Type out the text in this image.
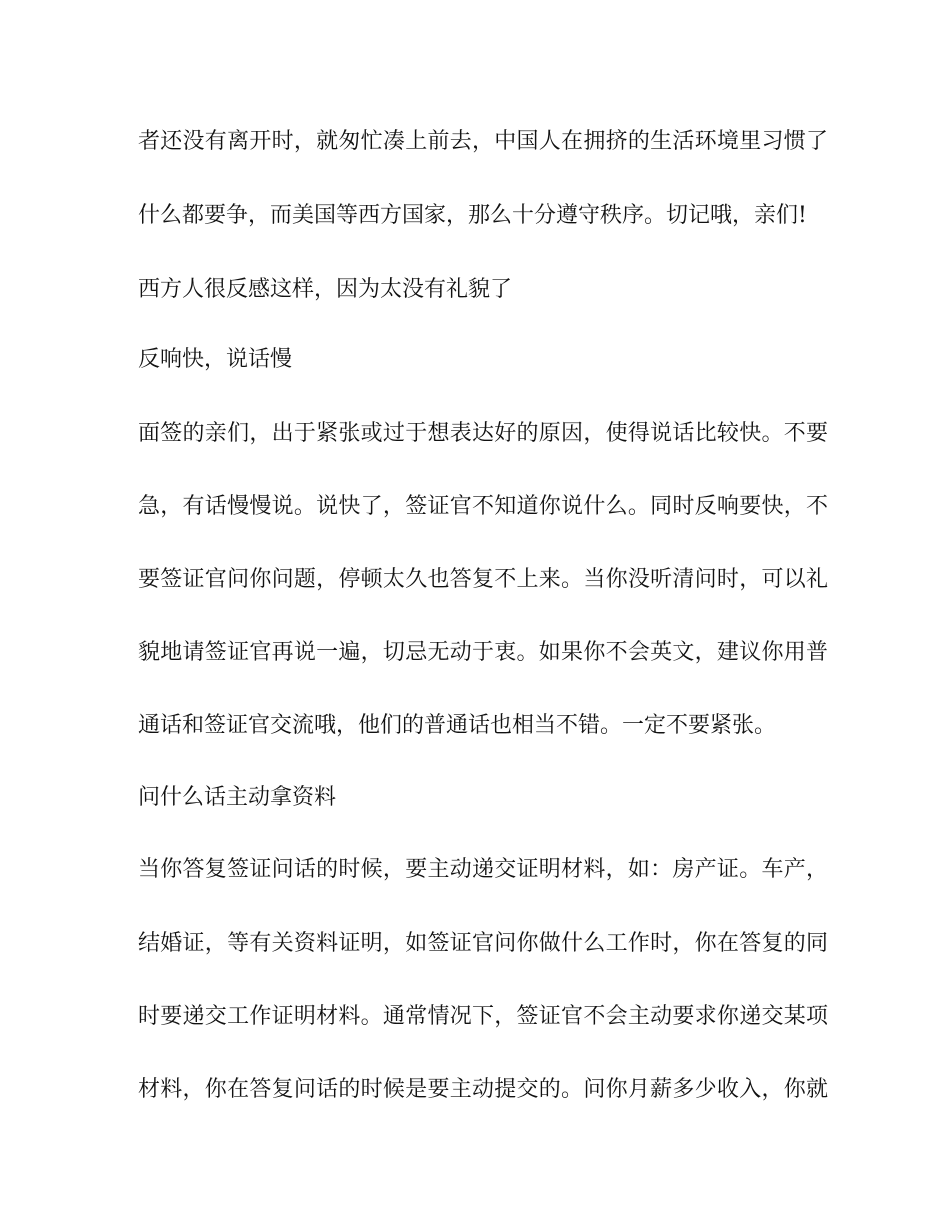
者还没有离开时，就匆忙凑上前去，中国人在拥挤的生活环境里习惯了
什么都要争，而美国等西方国家，那么十分遵守秩序。切记哦，亲们!
西方人很反感这样，因为太没有礼貌了
反响快，说话慢
面签的亲们，出于紧张或过于想表达好的原因，使得说话比较快。不要
急，有话慢慢说。说快了，签证官不知道你说什么。同时反响要快，不
要签证官问你问题，停顿太久也答复不上来。当你没听清问时，可以礼
貌地请签证官再说一遍，切忌无动于衷。如果你不会英文，建议你用普
通话和签证官交流哦，他们的普通话也相当不错。一定不要紧张。
问什么话主动拿资料
当你答复签证问话的时候，要主动递交证明材料，如：房产证。车产，
结婚证，等有关资料证明，如签证官问你做什么工作时，你在答复的同
时要递交工作证明材料。通常情况下，签证官不会主动要求你递交某项
材料，你在答复问话的时候是要主动提交的。问你月薪多少收入，你就
